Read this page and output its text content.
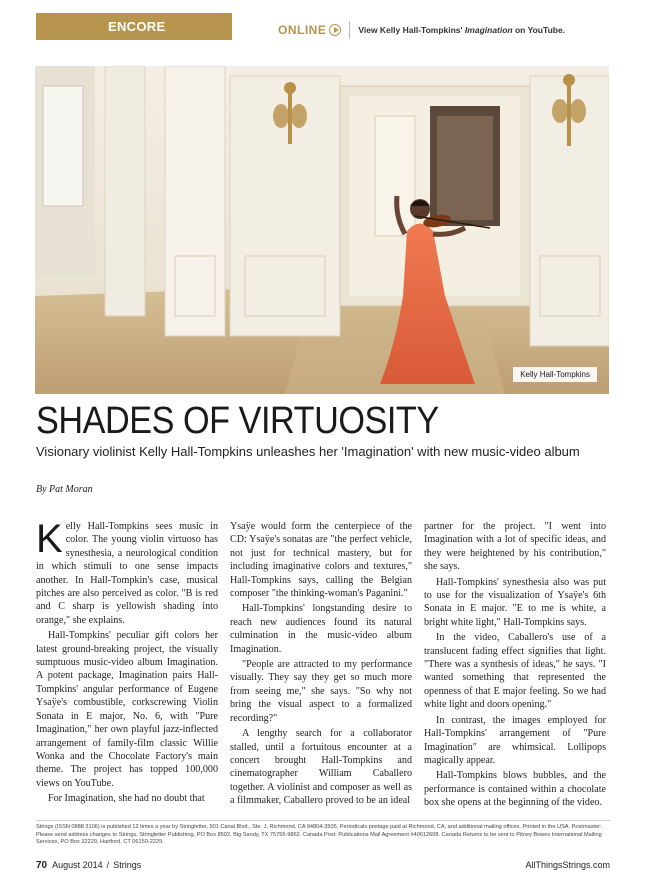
ENCORE	ONLINE	View Kelly Hall-Tompkins' Imagination on YouTube.
Kelly Hall-Tompkins
SHADES OF VIRTUOSITY
Visionary violinist Kelly Hall-Tompkins unleashes her 'Imagination' with new music-video album
By Pat Moran

Kelly Hall-Tompkins sees music in color. The young violin virtuoso has synesthesia, a neurological condition in which stimuli to one sense impacts another. In Hall-Tompkin's case, musical pitches are also perceived as color. "B is red and C sharp is yellowish shading into orange," she explains.

Hall-Tompkins' peculiar gift colors her latest ground-breaking project, the visually sumptuous music-video album Imagination. A potent package, Imagination pairs Hall-Tompkins' angular performance of Eugene Ysaÿe's combustible, corkscrewing Violin Sonata in E major, No. 6, with "Pure Imagination," her own playful jazz-inflected arrangement of family-film classic Willie Wonka and the Chocolate Factory's main theme. The project has topped 100,000 views on YouTube.

For Imagination, she had no doubt that

Ysaÿe would form the centerpiece of the CD: Ysaÿe's sonatas are "the perfect vehicle, not just for technical mastery, but for including imaginative colors and textures," Hall-Tompkins says, calling the Belgian composer "the thinking-woman's Paganini."

Hall-Tompkins' longstanding desire to reach new audiences found its natural culmination in the music-video album Imagination.

"People are attracted to my performance visually. They say they get so much more from seeing me," she says. "So why not bring the visual aspect to a formalized recording?"

A lengthy search for a collaborator stalled, until a fortuitous encounter at a concert brought Hall-Tompkins and cinematographer William Caballero together. A violinist and composer as well as a filmmaker, Caballero proved to be an ideal

partner for the project. "I went into Imagination with a lot of specific ideas, and they were heightened by his contribution," she says.

Hall-Tompkins' synesthesia also was put to use for the visualization of Ysaÿe's 6th Sonata in E major. "E to me is white, a bright white light," Hall-Tompkins says.

In the video, Caballero's use of a translucent fading effect signifies that light. "There was a synthesis of ideas," he says. "I wanted something that represented the openness of that E major feeling. So we had white light and doors opening."

In contrast, the images employed for Hall-Tompkins' arrangement of "Pure Imagination" are whimsical. Lollipops magically appear.

Hall-Tompkins blows bubbles, and the performance is contained within a chocolate box she opens at the beginning of the video.

Strings (ISSN 0888 3106) is published 12 times a year by Stringletter, 501 Canal Blvd., Ste. J, Richmond, CA 94804-3505. Periodicals postage paid at Richmond, CA, and additional mailing offices. Printed in the USA. Postmaster: Please send address changes to Strings, Stringletter Publishing, PO Box 8502, Big Sandy, TX 75755-9862. Canada Post: Publications Mail Agreement #40612608. Canada Returns to be sent to Pitney Bowes International Mailing Services, PO Box 32229, Hartford, CT 06150-2229.
70 August 2014 / Strings	AllThingsStrings.com
